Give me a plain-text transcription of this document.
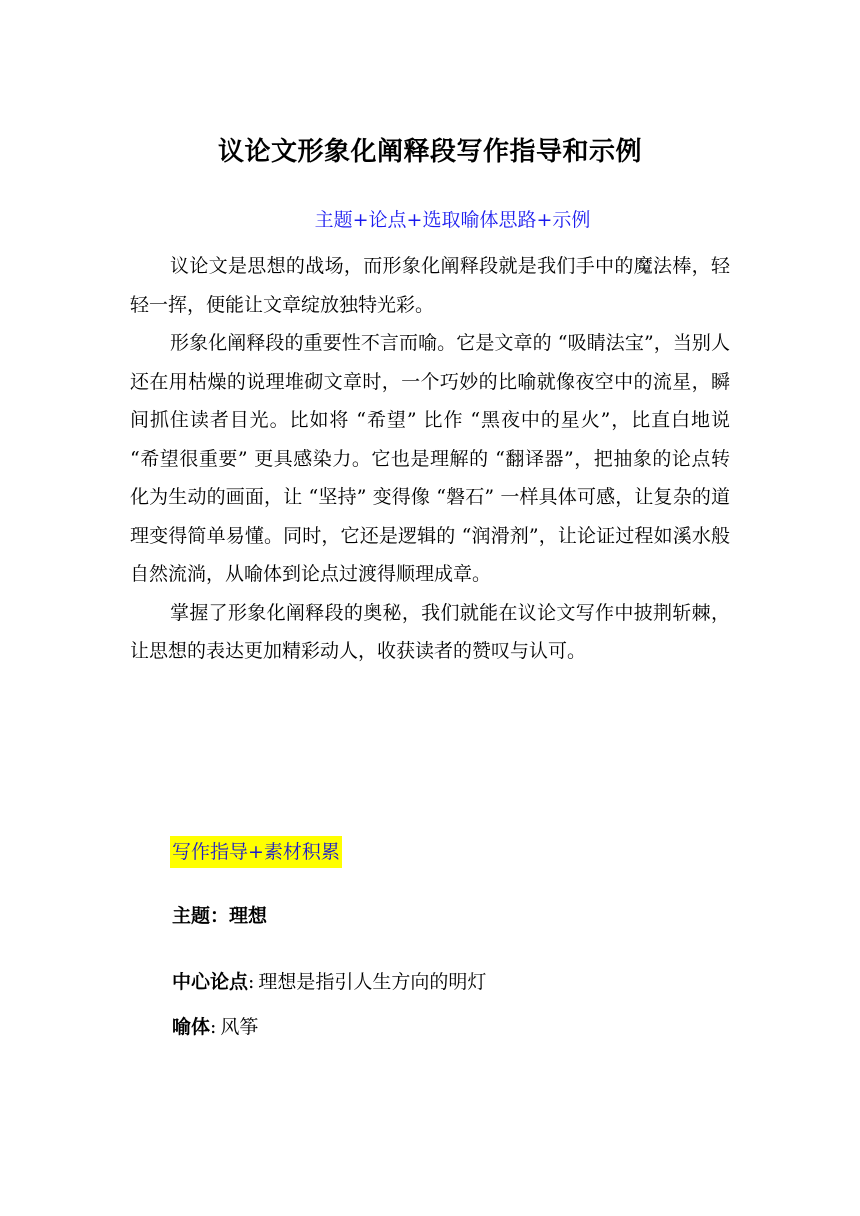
议论文形象化阐释段写作指导和示例
主题+论点+选取喻体思路+示例

议论文是思想的战场，而形象化阐释段就是我们手中的魔法棒，轻轻一挥，便能让文章绽放独特光彩。

形象化阐释段的重要性不言而喻。它是文章的 “吸睛法宝”，当别人还在用枯燥的说理堆砌文章时，一个巧妙的比喻就像夜空中的流星，瞬间抓住读者目光。比如将 “希望” 比作 “黑夜中的星火”，比直白地说 “希望很重要” 更具感染力。它也是理解的 “翻译器”，把抽象的论点转化为生动的画面，让 “坚持” 变得像 “磐石” 一样具体可感，让复杂的道理变得简单易懂。同时，它还是逻辑的 “润滑剂”，让论证过程如溪水般自然流淌，从喻体到论点过渡得顺理成章。

掌握了形象化阐释段的奥秘，我们就能在议论文写作中披荆斩棘，让思想的表达更加精彩动人，收获读者的赞叹与认可。

写作指导+素材积累
主题：理想
中心论点: 理想是指引人生方向的明灯
喻体: 风筝
